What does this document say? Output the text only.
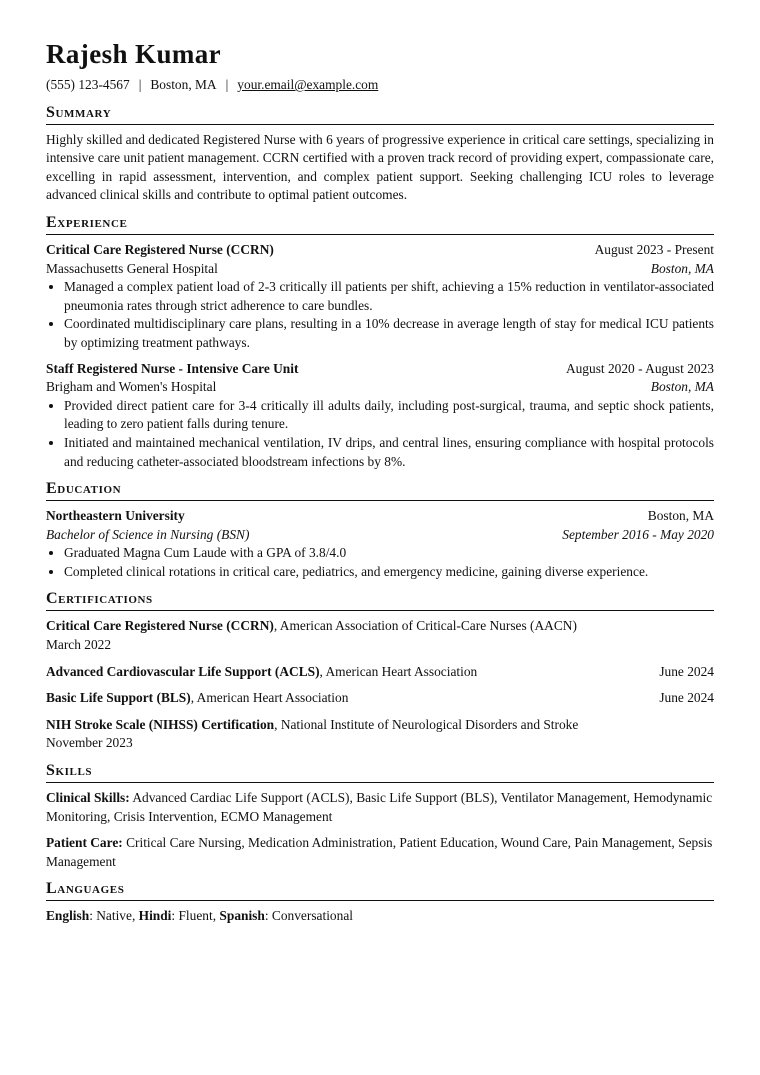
Rajesh Kumar
(555) 123-4567 | Boston, MA | your.email@example.com
Summary
Highly skilled and dedicated Registered Nurse with 6 years of progressive experience in critical care settings, specializing in intensive care unit patient management. CCRN certified with a proven track record of providing expert, compassionate care, excelling in rapid assessment, intervention, and complex patient support. Seeking challenging ICU roles to leverage advanced clinical skills and contribute to optimal patient outcomes.
Experience
Critical Care Registered Nurse (CCRN)	August 2023 - Present
Massachusetts General Hospital	Boston, MA
• Managed a complex patient load of 2-3 critically ill patients per shift, achieving a 15% reduction in ventilator-associated pneumonia rates through strict adherence to care bundles.
• Coordinated multidisciplinary care plans, resulting in a 10% decrease in average length of stay for medical ICU patients by optimizing treatment pathways.
Staff Registered Nurse - Intensive Care Unit	August 2020 - August 2023
Brigham and Women's Hospital	Boston, MA
• Provided direct patient care for 3-4 critically ill adults daily, including post-surgical, trauma, and septic shock patients, leading to zero patient falls during tenure.
• Initiated and maintained mechanical ventilation, IV drips, and central lines, ensuring compliance with hospital protocols and reducing catheter-associated bloodstream infections by 8%.
Education
Northeastern University	Boston, MA
Bachelor of Science in Nursing (BSN)	September 2016 - May 2020
• Graduated Magna Cum Laude with a GPA of 3.8/4.0
• Completed clinical rotations in critical care, pediatrics, and emergency medicine, gaining diverse experience.
Certifications
Critical Care Registered Nurse (CCRN), American Association of Critical-Care Nurses (AACN)
March 2022
Advanced Cardiovascular Life Support (ACLS), American Heart Association	June 2024
Basic Life Support (BLS), American Heart Association	June 2024
NIH Stroke Scale (NIHSS) Certification, National Institute of Neurological Disorders and Stroke
November 2023
Skills
Clinical Skills: Advanced Cardiac Life Support (ACLS), Basic Life Support (BLS), Ventilator Management, Hemodynamic Monitoring, Crisis Intervention, ECMO Management
Patient Care: Critical Care Nursing, Medication Administration, Patient Education, Wound Care, Pain Management, Sepsis Management
Languages
English: Native, Hindi: Fluent, Spanish: Conversational
